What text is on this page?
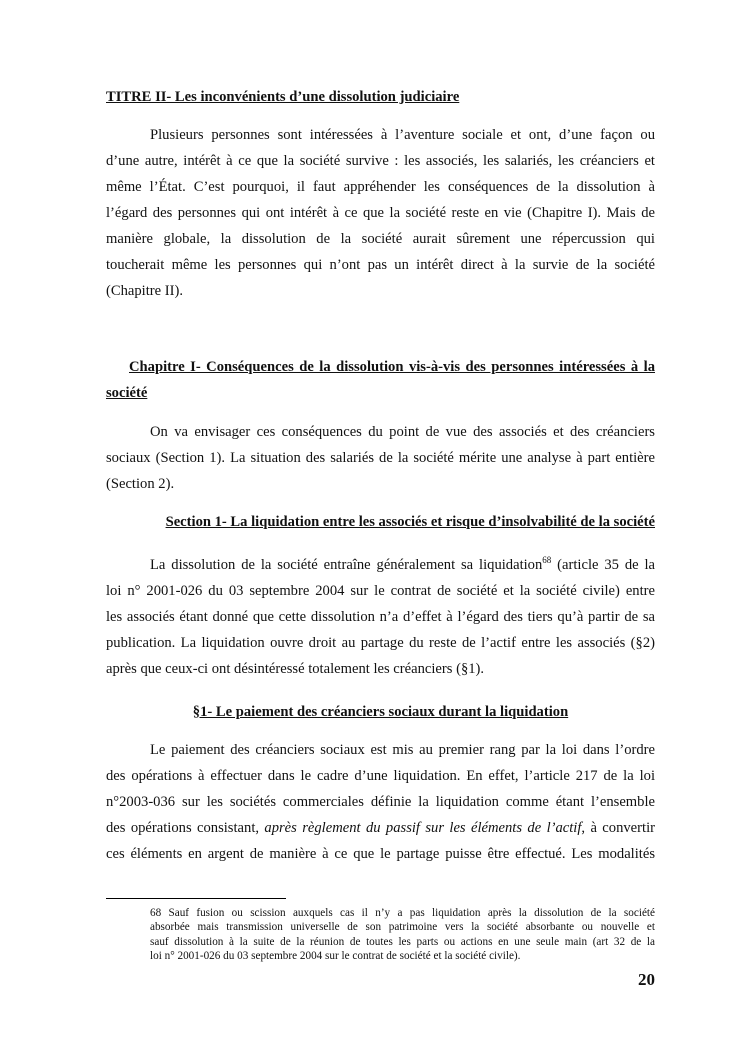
TITRE II- Les inconvénients d’une dissolution judiciaire
Plusieurs personnes sont intéressées à l’aventure sociale et ont, d’une façon ou
d’une autre, intérêt à ce que la société survive : les associés, les salariés, les créanciers et
même l’État. C’est pourquoi, il faut appréhender les conséquences de la dissolution à
l’égard des personnes qui ont intérêt à ce que la société reste en vie (Chapitre I). Mais de
manière globale, la dissolution de la société aurait sûrement une répercussion qui
toucherait même les personnes qui n’ont pas un intérêt direct à la survie de la société
(Chapitre II).
Chapitre I- Conséquences de la dissolution vis-à-vis des personnes intéressées à la
société
On va envisager ces conséquences du point de vue des associés et des créanciers
sociaux (Section 1). La situation des salariés de la société mérite une analyse à part entière
(Section 2).
Section 1- La liquidation entre les associés et risque d’insolvabilité de la société
La dissolution de la société entraîne généralement sa liquidation$^{68}$ (article 35 de la
loi n° 2001-026 du 03 septembre 2004 sur le contrat de société et la société civile) entre
les associés étant donné que cette dissolution n’a d’effet à l’égard des tiers qu’à partir de sa
publication. La liquidation ouvre droit au partage du reste de l’actif entre les associés (§2)
après que ceux-ci ont désintéressé totalement les créanciers (§1).
§1- Le paiement des créanciers sociaux durant la liquidation
Le paiement des créanciers sociaux est mis au premier rang par la loi dans l’ordre
des opérations à effectuer dans le cadre d’une liquidation. En effet, l’article 217 de la loi
n°2003-036 sur les sociétés commerciales définie la liquidation comme étant l’ensemble
des opérations consistant, après règlement du passif sur les éléments de l’actif, à convertir
ces éléments en argent de manière à ce que le partage puisse être effectué. Les modalités
68 Sauf fusion ou scission auxquels cas il n’y a pas liquidation après la dissolution de la société
absorbée mais transmission universelle de son patrimoine vers la société absorbante ou nouvelle et
sauf dissolution à la suite de la réunion de toutes les parts ou actions en une seule main (art 32 de la
loi n° 2001-026 du 03 septembre 2004 sur le contrat de société et la société civile).
20
